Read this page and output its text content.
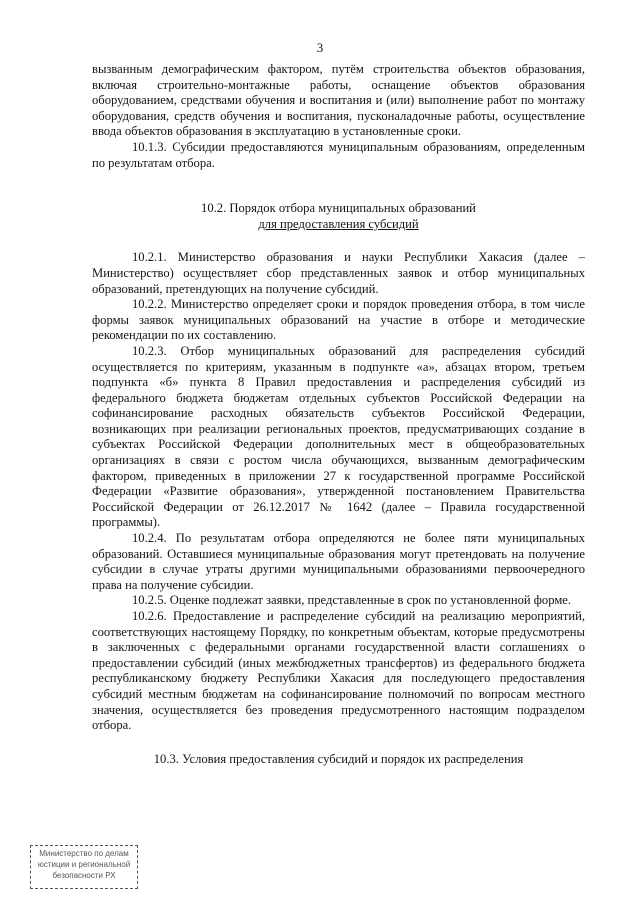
3

вызванным демографическим фактором, путём строительства объектов образования, включая строительно-монтажные работы, оснащение объектов образования оборудованием, средствами обучения и воспитания и (или) выполнение работ по монтажу оборудования, средств обучения и воспитания, пусконаладочные работы, осуществление ввода объектов образования в эксплуатацию в установленные сроки.

10.1.3. Субсидии предоставляются муниципальным образованиям, определенным по результатам отбора.

10.2. Порядок отбора муниципальных образований
для предоставления субсидий

10.2.1. Министерство образования и науки Республики Хакасия (далее – Министерство) осуществляет сбор представленных заявок и отбор муниципальных образований, претендующих на получение субсидий.

10.2.2. Министерство определяет сроки и порядок проведения отбора, в том числе формы заявок муниципальных образований на участие в отборе и методические рекомендации по их составлению.

10.2.3. Отбор муниципальных образований для распределения субсидий осуществляется по критериям, указанным в подпункте «а», абзацах втором, третьем подпункта «б» пункта 8 Правил предоставления и распределения субсидий из федерального бюджета бюджетам отдельных субъектов Российской Федерации на софинансирование расходных обязательств субъектов Российской Федерации, возникающих при реализации региональных проектов, предусматривающих создание в субъектах Российской Федерации дополнительных мест в общеобразовательных организациях в связи с ростом числа обучающихся, вызванным демографическим фактором, приведенных в приложении 27 к государственной программе Российской Федерации «Развитие образования», утвержденной постановлением Правительства Российской Федерации от 26.12.2017 № 1642 (далее – Правила государственной программы).

10.2.4. По результатам отбора определяются не более пяти муниципальных образований. Оставшиеся муниципальные образования могут претендовать на получение субсидии в случае утраты другими муниципальными образованиями первоочередного права на получение субсидии.

10.2.5. Оценке подлежат заявки, представленные в срок по установленной форме.

10.2.6. Предоставление и распределение субсидий на реализацию мероприятий, соответствующих настоящему Порядку, по конкретным объектам, которые предусмотрены в заключенных с федеральными органами государственной власти соглашениях о предоставлении субсидий (иных межбюджетных трансфертов) из федерального бюджета республиканскому бюджету Республики Хакасия для последующего предоставления субсидий местным бюджетам на софинансирование полномочий по вопросам местного значения, осуществляется без проведения предусмотренного настоящим подразделом отбора.

10.3. Условия предоставления субсидий и порядок их распределения

Министерство по делам
юстиции и региональной
безопасности РХ
